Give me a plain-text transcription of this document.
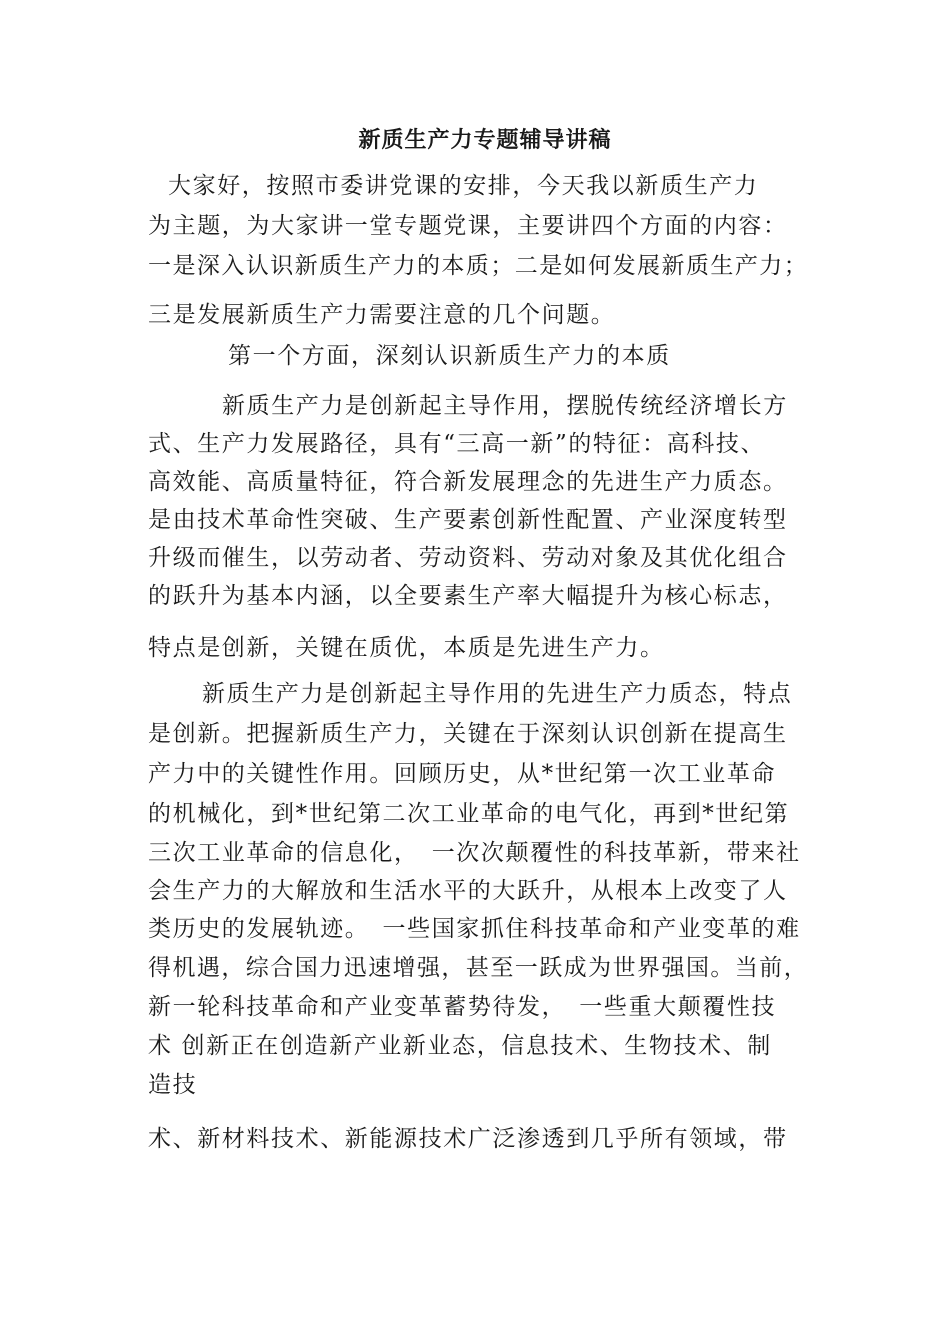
新质生产力专题辅导讲稿
大家好，按照市委讲党课的安排，今天我以新质生产力
为主题，为大家讲一堂专题党课，主要讲四个方面的内容：
一是深入认识新质生产力的本质；二是如何发展新质生产力；
三是发展新质生产力需要注意的几个问题。
第一个方面，深刻认识新质生产力的本质
新质生产力是创新起主导作用，摆脱传统经济增长方
式、生产力发展路径，具有“三高一新”的特征：高科技、
高效能、高质量特征，符合新发展理念的先进生产力质态。
是由技术革命性突破、生产要素创新性配置、产业深度转型
升级而催生，以劳动者、劳动资料、劳动对象及其优化组合
的跃升为基本内涵，以全要素生产率大幅提升为核心标志，
特点是创新，关键在质优，本质是先进生产力。
新质生产力是创新起主导作用的先进生产力质态，特点
是创新。把握新质生产力，关键在于深刻认识创新在提高生
产力中的关键性作用。回顾历史，从*世纪第一次工业革命
的机械化，到*世纪第二次工业革命的电气化，再到*世纪第
三次工业革命的信息化，　一次次颠覆性的科技革新，带来社
会生产力的大解放和生活水平的大跃升，从根本上改变了人
类历史的发展轨迹。　一些国家抓住科技革命和产业变革的难
得机遇，综合国力迅速增强，甚至一跃成为世界强国。当前，
新一轮科技革命和产业变革蓄势待发，　一些重大颠覆性技
术 创新正在创造新产业新业态，信息技术、生物技术、制
造技
术、新材料技术、新能源技术广泛渗透到几乎所有领域，带
